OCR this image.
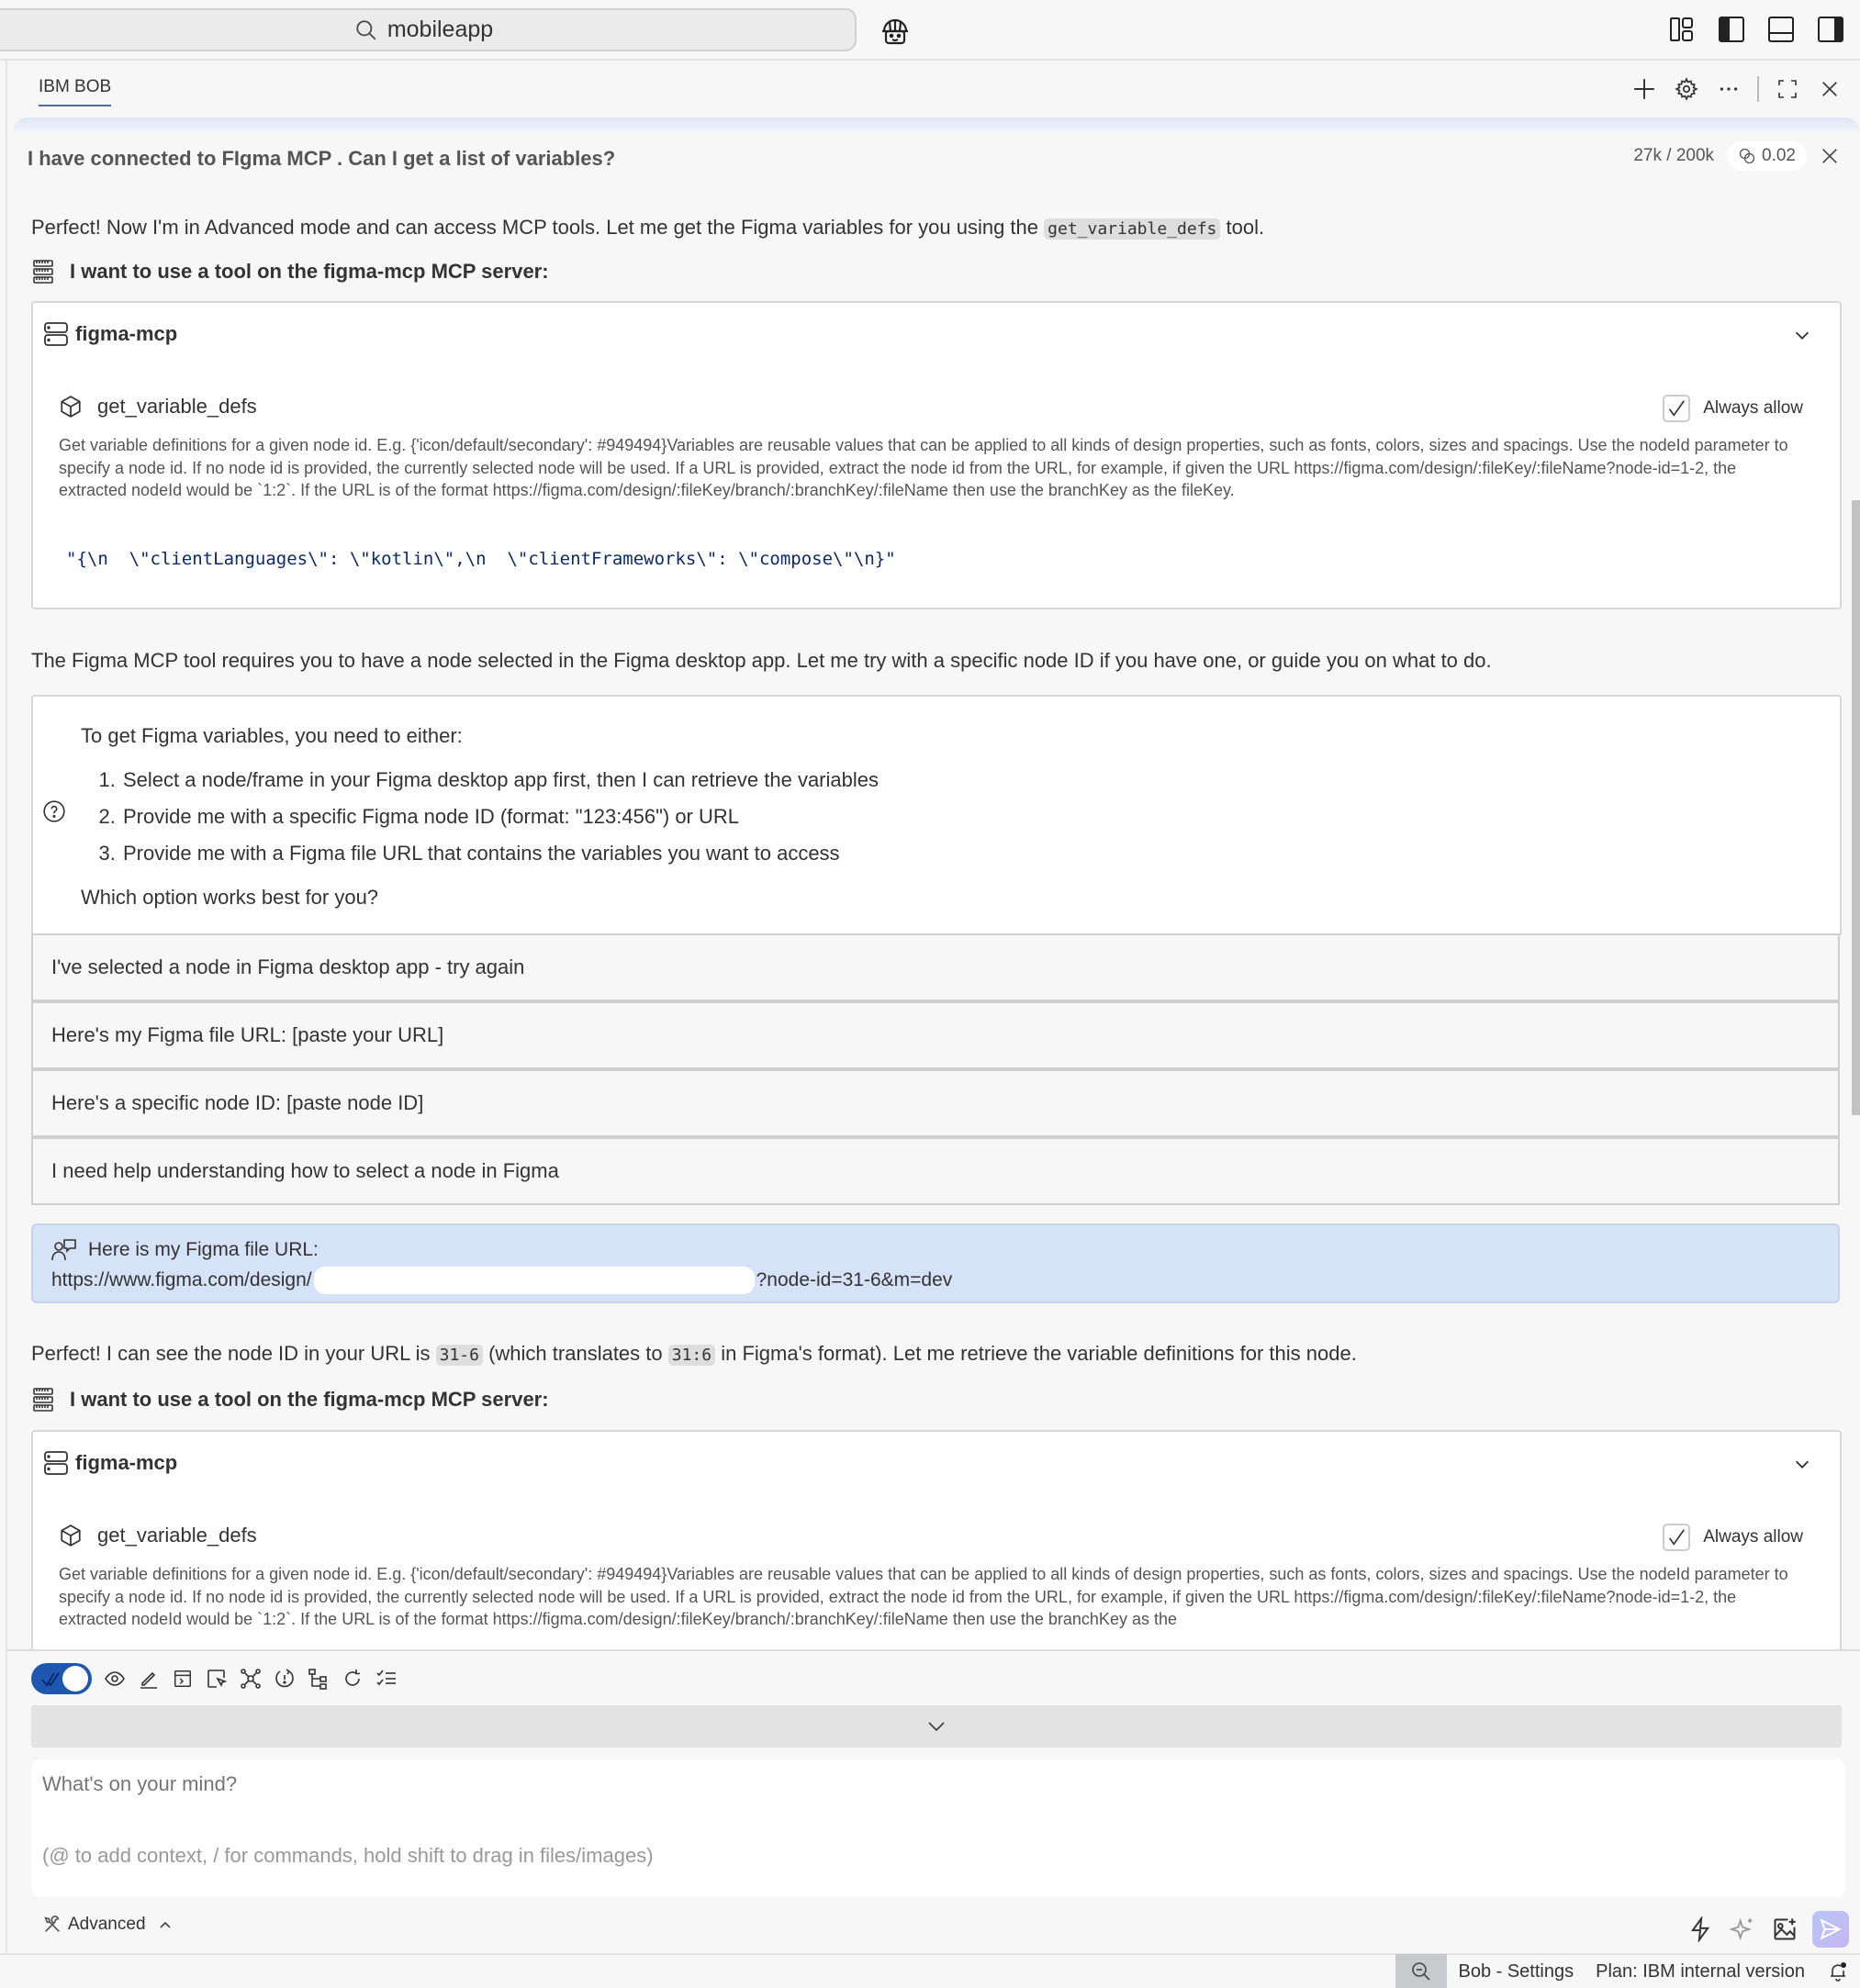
mobileapp
IBM BOB
I have connected to FIgma MCP . Can I get a list of variables?	27k / 200k	0.02
Perfect! Now I'm in Advanced mode and can access MCP tools. Let me get the Figma variables for you using the get_variable_defs tool.
I want to use a tool on the figma-mcp MCP server:
figma-mcp
get_variable_defs	Always allow
Get variable definitions for a given node id. E.g. {'icon/default/secondary': #949494}Variables are reusable values that can be applied to all kinds of design properties, such as fonts, colors, sizes and spacings. Use the nodeId parameter to specify a node id. If no node id is provided, the currently selected node will be used. If a URL is provided, extract the node id from the URL, for example, if given the URL https://figma.com/design/:fileKey/:fileName?node-id=1-2, the extracted nodeId would be `1:2`. If the URL is of the format https://figma.com/design/:fileKey/branch/:branchKey/:fileName then use the branchKey as the fileKey.
"{\n  \"clientLanguages\": \"kotlin\",\n  \"clientFrameworks\": \"compose\"\n}"
The Figma MCP tool requires you to have a node selected in the Figma desktop app. Let me try with a specific node ID if you have one, or guide you on what to do.
To get Figma variables, you need to either:
1. Select a node/frame in your Figma desktop app first, then I can retrieve the variables
2. Provide me with a specific Figma node ID (format: "123:456") or URL
3. Provide me with a Figma file URL that contains the variables you want to access
Which option works best for you?
I've selected a node in Figma desktop app - try again
Here's my Figma file URL: [paste your URL]
Here's a specific node ID: [paste node ID]
I need help understanding how to select a node in Figma
Here is my Figma file URL:
https://www.figma.com/design/	?node-id=31-6&m=dev
Perfect! I can see the node ID in your URL is 31-6 (which translates to 31:6 in Figma's format). Let me retrieve the variable definitions for this node.
I want to use a tool on the figma-mcp MCP server:
figma-mcp
get_variable_defs	Always allow
Get variable definitions for a given node id. E.g. {'icon/default/secondary': #949494}Variables are reusable values that can be applied to all kinds of design properties, such as fonts, colors, sizes and spacings. Use the nodeId parameter to specify a node id. If no node id is provided, the currently selected node will be used. If a URL is provided, extract the node id from the URL, for example, if given the URL https://figma.com/design/:fileKey/:fileName?node-id=1-2, the extracted nodeId would be `1:2`. If the URL is of the format https://figma.com/design/:fileKey/branch/:branchKey/:fileName then use the branchKey as the
What's on your mind?
(@ to add context, / for commands, hold shift to drag in files/images)
Advanced
Bob - Settings	Plan: IBM internal version
